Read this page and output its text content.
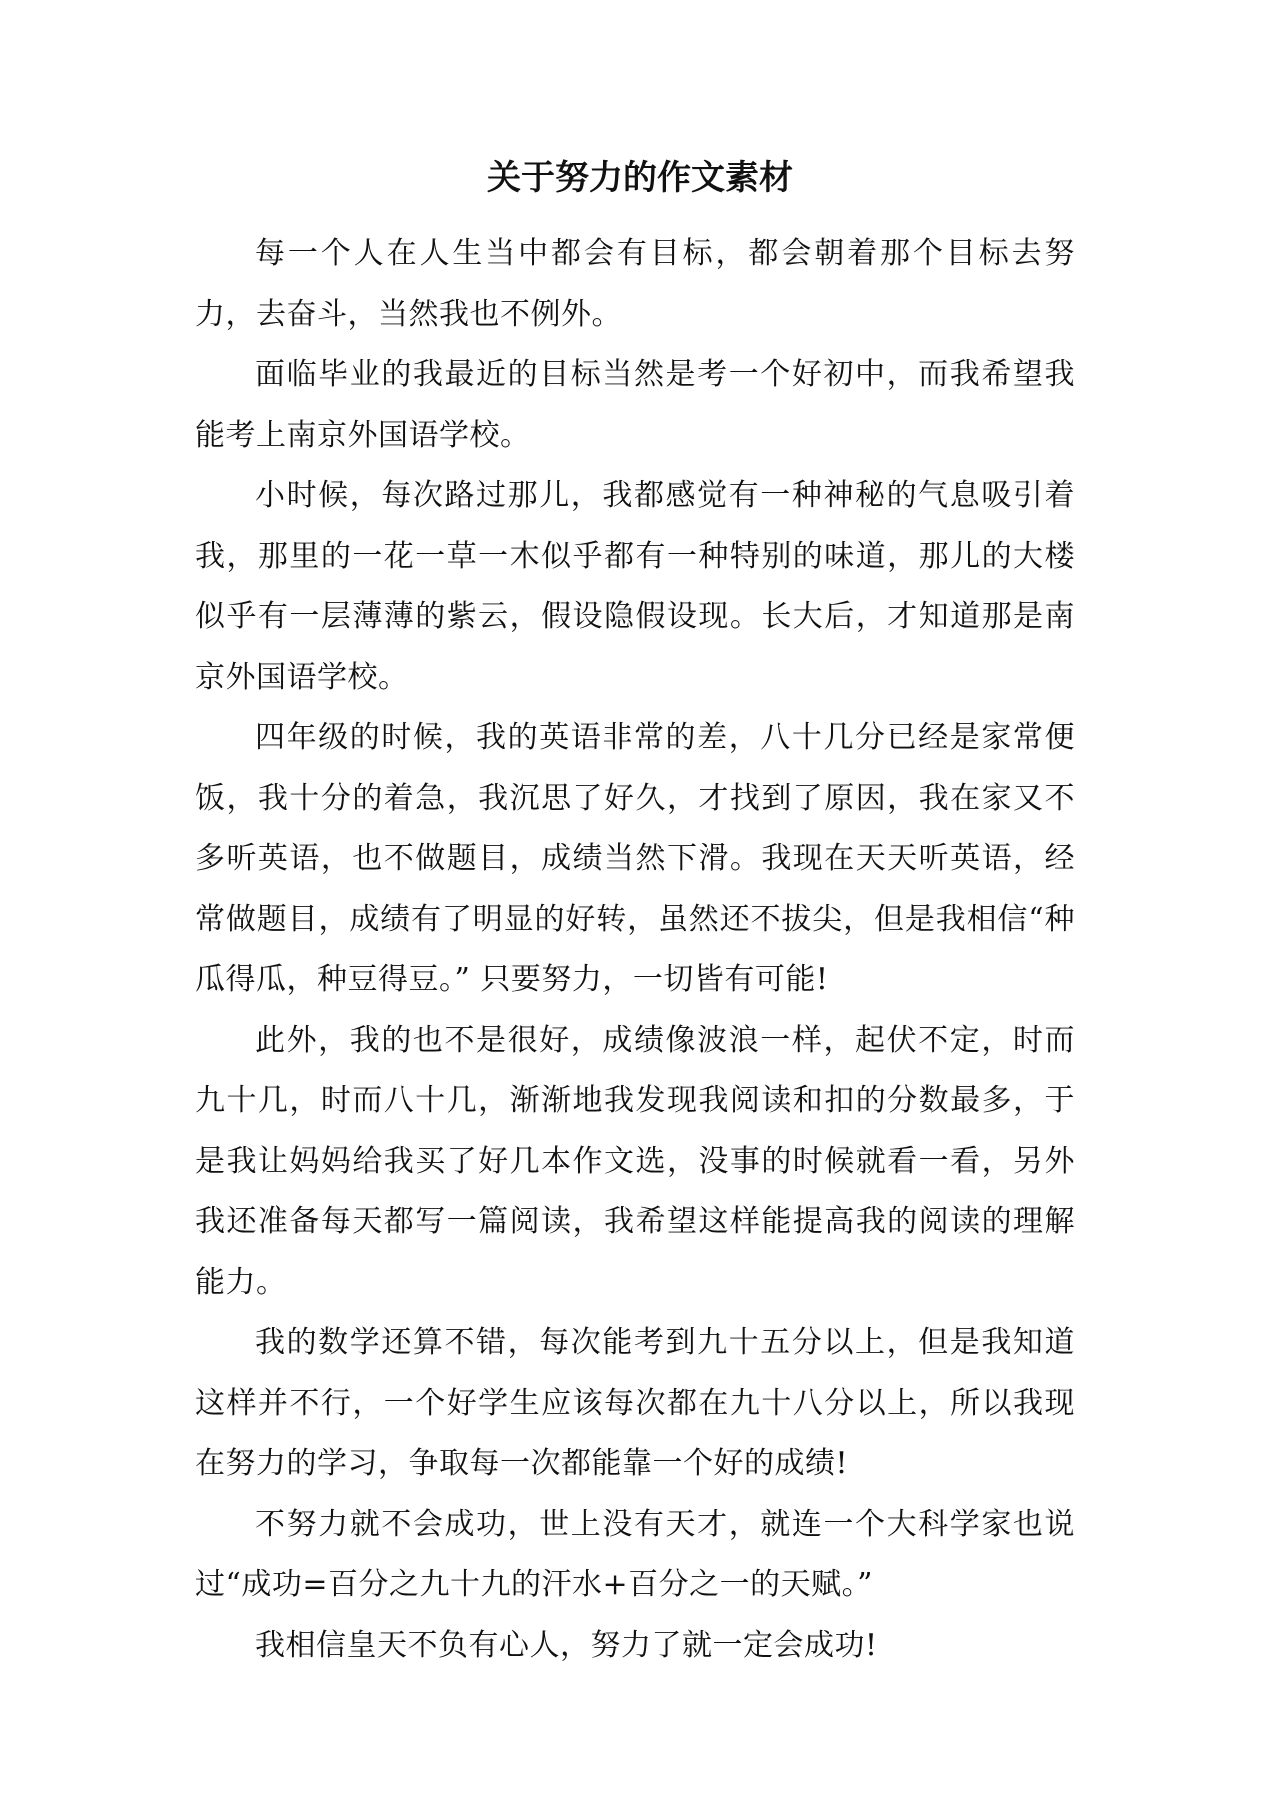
关于努力的作文素材

每一个人在人生当中都会有目标，都会朝着那个目标去努力，去奋斗，当然我也不例外。

面临毕业的我最近的目标当然是考一个好初中，而我希望我能考上南京外国语学校。

小时候，每次路过那儿，我都感觉有一种神秘的气息吸引着我，那里的一花一草一木似乎都有一种特别的味道，那儿的大楼似乎有一层薄薄的紫云，假设隐假设现。长大后，才知道那是南京外国语学校。

四年级的时候，我的英语非常的差，八十几分已经是家常便饭，我十分的着急，我沉思了好久，才找到了原因，我在家又不多听英语，也不做题目，成绩当然下滑。我现在天天听英语，经常做题目，成绩有了明显的好转，虽然还不拔尖，但是我相信“种瓜得瓜，种豆得豆。” 只要努力，一切皆有可能!

此外，我的也不是很好，成绩像波浪一样，起伏不定，时而九十几，时而八十几，渐渐地我发现我阅读和扣的分数最多，于是我让妈妈给我买了好几本作文选，没事的时候就看一看，另外我还准备每天都写一篇阅读，我希望这样能提高我的阅读的理解能力。

我的数学还算不错，每次能考到九十五分以上，但是我知道这样并不行，一个好学生应该每次都在九十八分以上，所以我现在努力的学习，争取每一次都能靠一个好的成绩!

不努力就不会成功，世上没有天才，就连一个大科学家也说过“成功=百分之九十九的汗水+百分之一的天赋。”

我相信皇天不负有心人，努力了就一定会成功!
